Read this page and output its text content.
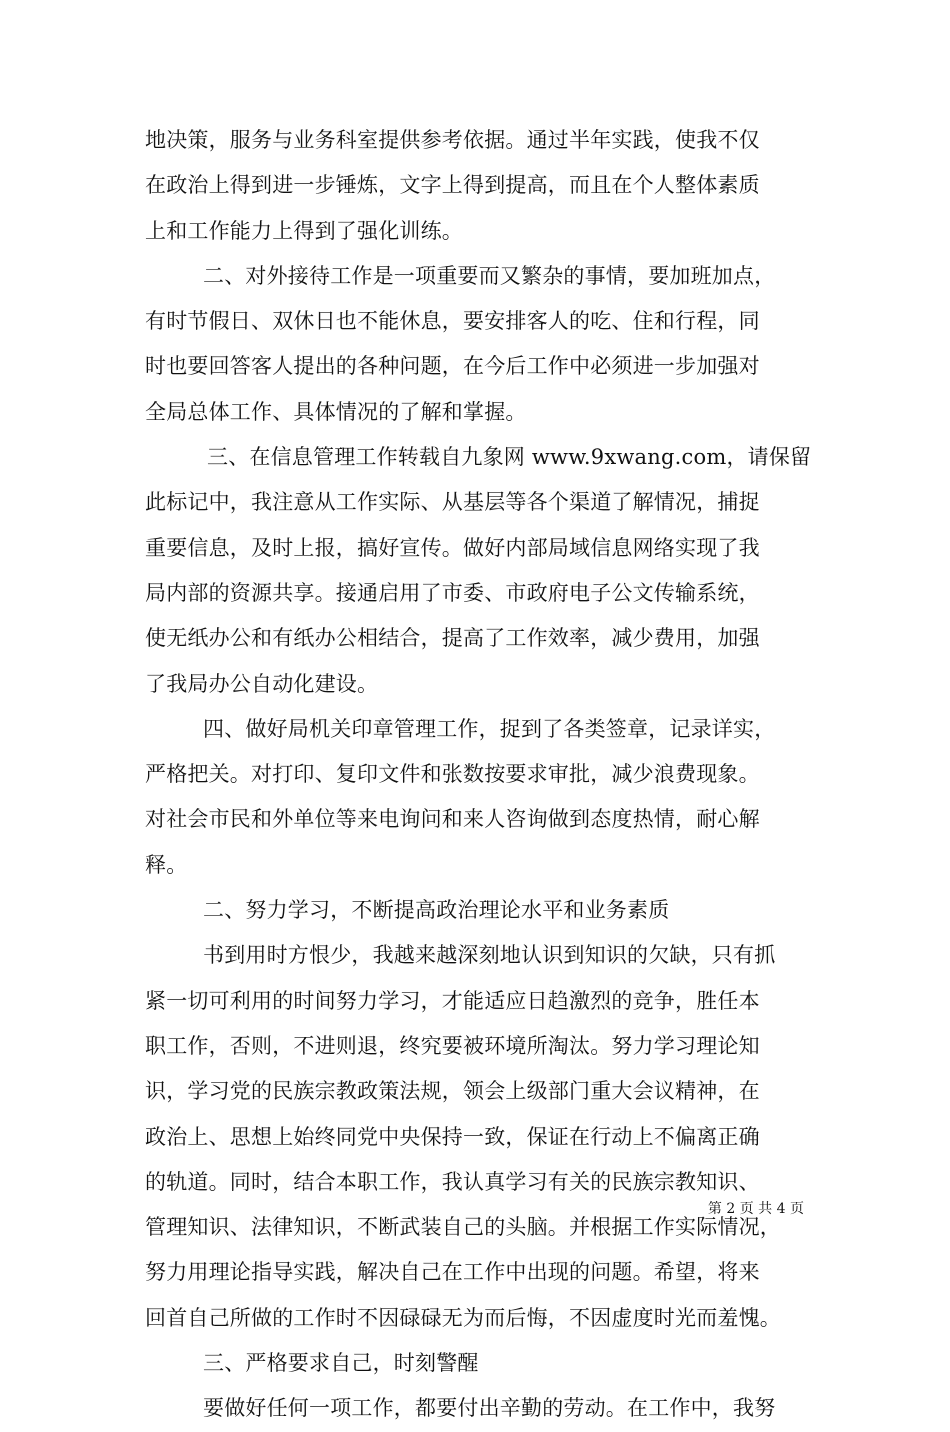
地决策，服务与业务科室提供参考依据。通过半年实践，使我不仅
在政治上得到进一步锤炼，文字上得到提高，而且在个人整体素质
上和工作能力上得到了强化训练。
二、对外接待工作是一项重要而又繁杂的事情，要加班加点，
有时节假日、双休日也不能休息，要安排客人的吃、住和行程，同
时也要回答客人提出的各种问题，在今后工作中必须进一步加强对
全局总体工作、具体情况的了解和掌握。
三、在信息管理工作转载自九象网 www.9xwang.com，请保留
此标记中，我注意从工作实际、从基层等各个渠道了解情况，捕捉
重要信息，及时上报，搞好宣传。做好内部局域信息网络实现了我
局内部的资源共享。接通启用了市委、市政府电子公文传输系统，
使无纸办公和有纸办公相结合，提高了工作效率，减少费用，加强
了我局办公自动化建设。
四、做好局机关印章管理工作，捉到了各类签章，记录详实，
严格把关。对打印、复印文件和张数按要求审批，减少浪费现象。
对社会市民和外单位等来电询问和来人咨询做到态度热情，耐心解
释。
二、努力学习，不断提高政治理论水平和业务素质
书到用时方恨少，我越来越深刻地认识到知识的欠缺，只有抓
紧一切可利用的时间努力学习，才能适应日趋激烈的竞争，胜任本
职工作，否则，不进则退，终究要被环境所淘汰。努力学习理论知
识，学习党的民族宗教政策法规，领会上级部门重大会议精神，在
政治上、思想上始终同党中央保持一致，保证在行动上不偏离正确
的轨道。同时，结合本职工作，我认真学习有关的民族宗教知识、
管理知识、法律知识，不断武装自己的头脑。并根据工作实际情况，
努力用理论指导实践，解决自己在工作中出现的问题。希望，将来
回首自己所做的工作时不因碌碌无为而后悔，不因虚度时光而羞愧。
三、严格要求自己，时刻警醒
要做好任何一项工作，都要付出辛勤的劳动。在工作中，我努
第 2 页 共 4 页
